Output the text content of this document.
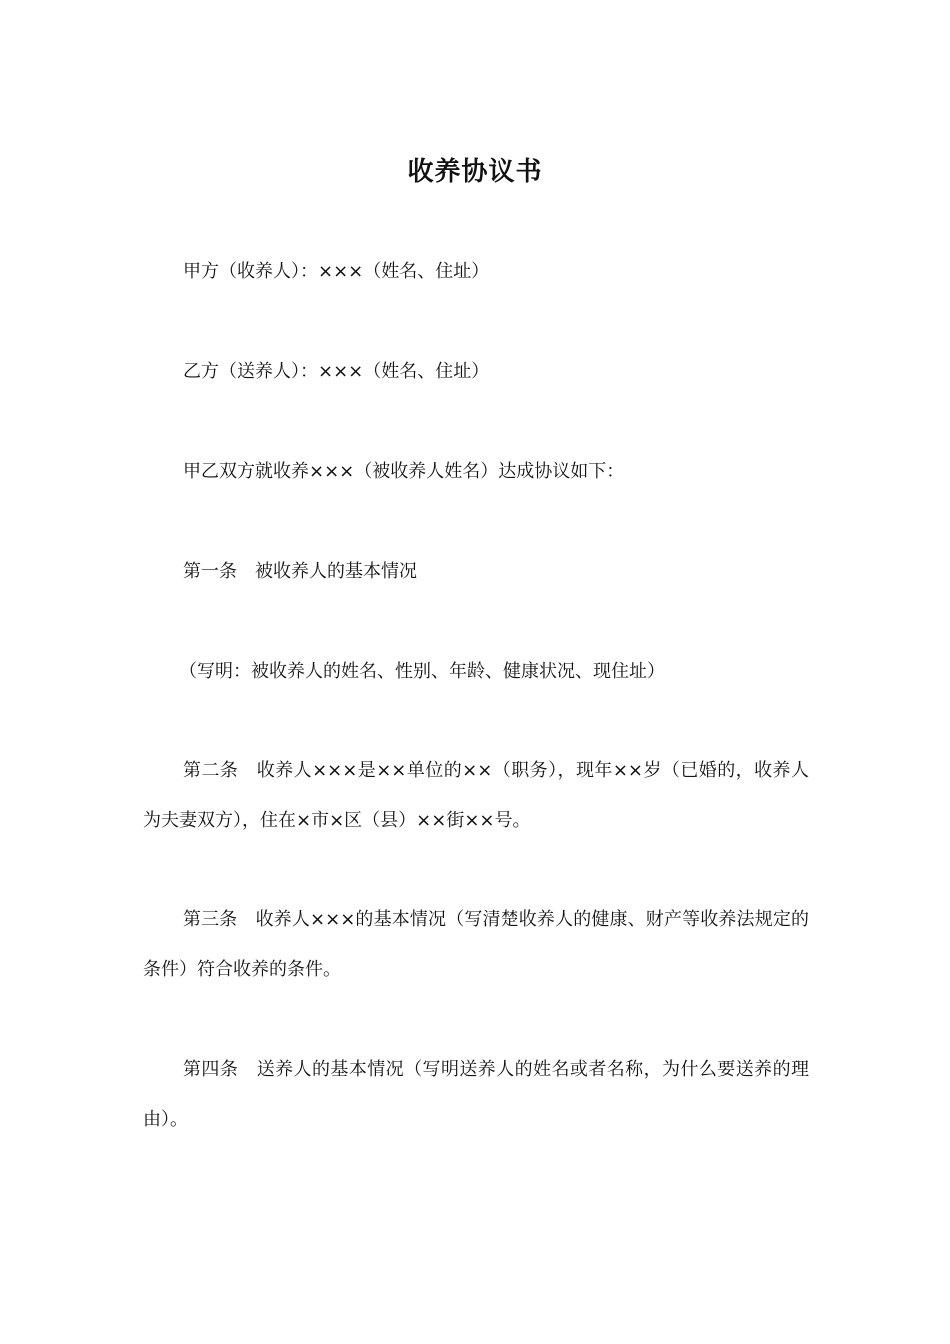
收养协议书

甲方（收养人）：×××（姓名、住址）

乙方（送养人）：×××（姓名、住址）

甲乙双方就收养×××（被收养人姓名）达成协议如下：

第一条　被收养人的基本情况

（写明：被收养人的姓名、性别、年龄、健康状况、现住址）

第二条　收养人×××是××单位的××（职务），现年××岁（已婚的，收养人为夫妻双方），住在×市×区（县）××街××号。

第三条　收养人×××的基本情况（写清楚收养人的健康、财产等收养法规定的条件）符合收养的条件。

第四条　送养人的基本情况（写明送养人的姓名或者名称，为什么要送养的理由）。
